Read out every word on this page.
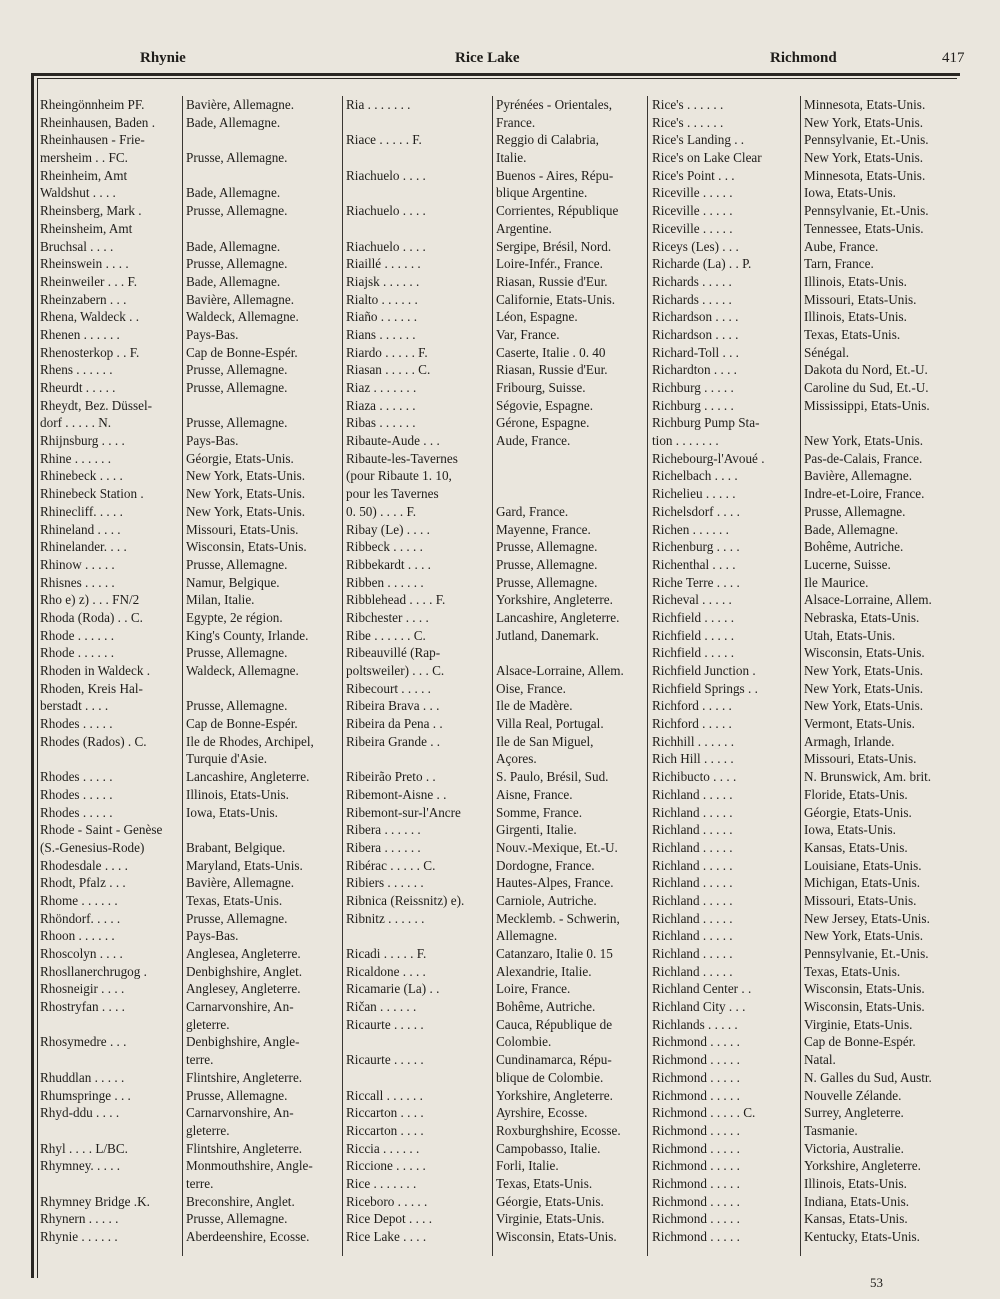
Rhynie	Rice Lake	Richmond	417
Rheingönnheim PF.	Bavière, Allemagne.
Rheinhausen, Baden .	Bade, Allemagne.
Rheinhausen - Frie-
mersheim . . FC.	Prusse, Allemagne.
Rheinheim, Amt
Waldshut . . . .	Bade, Allemagne.
Rheinsberg, Mark .	Prusse, Allemagne.
Rheinsheim, Amt
Bruchsal . . . .	Bade, Allemagne.
Rheinswein . . . .	Prusse, Allemagne.
Rheinweiler . . . F.	Bade, Allemagne.
Rheinzabern . . .	Bavière, Allemagne.
Rhena, Waldeck . .	Waldeck, Allemagne.
Rhenen . . . . . .	Pays-Bas.
Rhenosterkop . . F.	Cap de Bonne-Espér.
Rhens . . . . . .	Prusse, Allemagne.
Rheurdt . . . . .	Prusse, Allemagne.
Rheydt, Bez. Düssel-
dorf . . . . . N.	Prusse, Allemagne.
Rhijnsburg . . . .	Pays-Bas.
Rhine . . . . . .	Géorgie, Etats-Unis.
Rhinebeck . . . .	New York, Etats-Unis.
Rhinebeck Station .	New York, Etats-Unis.
Rhinecliff. . . . .	New York, Etats-Unis.
Rhineland . . . .	Missouri, Etats-Unis.
Rhinelander. . . .	Wisconsin, Etats-Unis.
Rhinow . . . . .	Prusse, Allemagne.
Rhisnes . . . . .	Namur, Belgique.
Rho e) z) . . . FN/2	Milan, Italie.
Rhoda (Roda) . . C.	Egypte, 2e région.
Rhode . . . . . .	King's County, Irlande.
Rhode . . . . . .	Prusse, Allemagne.
Rhoden in Waldeck .	Waldeck, Allemagne.
Rhoden, Kreis Hal-
berstadt . . . .	Prusse, Allemagne.
Rhodes . . . . .	Cap de Bonne-Espér.
Rhodes (Rados) . C.	Ile de Rhodes, Archipel,
Turquie d'Asie.
Rhodes . . . . .	Lancashire, Angleterre.
Rhodes . . . . .	Illinois, Etats-Unis.
Rhodes . . . . .	Iowa, Etats-Unis.
Rhode - Saint - Genèse
(S.-Genesius-Rode)	Brabant, Belgique.
Rhodesdale . . . .	Maryland, Etats-Unis.
Rhodt, Pfalz . . .	Bavière, Allemagne.
Rhome . . . . . .	Texas, Etats-Unis.
Rhöndorf. . . . .	Prusse, Allemagne.
Rhoon . . . . . .	Pays-Bas.
Rhoscolyn . . . .	Anglesea, Angleterre.
Rhosllanerchrugog .	Denbighshire, Anglet.
Rhosneigir . . . .	Anglesey, Angleterre.
Rhostryfan . . . .	Carnarvonshire, An-
gleterre.
Rhosymedre . . .	Denbighshire, Angle-
terre.
Rhuddlan . . . . .	Flintshire, Angleterre.
Rhumspringe . . .	Prusse, Allemagne.
Rhyd-ddu . . . .	Carnarvonshire, An-
gleterre.
Rhyl . . . . L/BC.	Flintshire, Angleterre.
Rhymney. . . . .	Monmouthshire, Angle-
terre.
Rhymney Bridge .K.	Breconshire, Anglet.
Rhynern . . . . .	Prusse, Allemagne.
Rhynie . . . . . .	Aberdeenshire, Ecosse.
Ria . . . . . . .	Pyrénées - Orientales,
France.
Riace . . . . . F.	Reggio di Calabria,
Italie.
Riachuelo . . . .	Buenos - Aires, Répu-
blique Argentine.
Riachuelo . . . .	Corrientes, République
Argentine.
Riachuelo . . . .	Sergipe, Brésil, Nord.
Riaillé . . . . . .	Loire-Infér., France.
Riajsk . . . . . .	Riasan, Russie d'Eur.
Rialto . . . . . .	Californie, Etats-Unis.
Riaño . . . . . .	Léon, Espagne.
Rians . . . . . .	Var, France.
Riardo . . . . . F.	Caserte, Italie . 0. 40
Riasan . . . . . C.	Riasan, Russie d'Eur.
Riaz . . . . . . .	Fribourg, Suisse.
Riaza . . . . . .	Ségovie, Espagne.
Ribas . . . . . .	Gérone, Espagne.
Ribaute-Aude . . .	Aude, France.
Ribaute-les-Tavernes
(pour Ribaute 1. 10,
pour les Tavernes
0. 50) . . . . F.	Gard, France.
Ribay (Le) . . . .	Mayenne, France.
Ribbeck . . . . .	Prusse, Allemagne.
Ribbekardt . . . .	Prusse, Allemagne.
Ribben . . . . . .	Prusse, Allemagne.
Ribblehead . . . . F.	Yorkshire, Angleterre.
Ribchester . . . .	Lancashire, Angleterre.
Ribe . . . . . . C.	Jutland, Danemark.
Ribeauvillé (Rap-
poltsweiler) . . . C.	Alsace-Lorraine, Allem.
Ribecourt . . . . .	Oise, France.
Ribeira Brava . . .	Ile de Madère.
Ribeira da Pena . .	Villa Real, Portugal.
Ribeira Grande . .	Ile de San Miguel,
Açores.
Ribeirão Preto . .	S. Paulo, Brésil, Sud.
Ribemont-Aisne . .	Aisne, France.
Ribemont-sur-l'Ancre	Somme, France.
Ribera . . . . . .	Girgenti, Italie.
Ribera . . . . . .	Nouv.-Mexique, Et.-U.
Ribérac . . . . . C.	Dordogne, France.
Ribiers . . . . . .	Hautes-Alpes, France.
Ribnica (Reissnitz) e).	Carniole, Autriche.
Ribnitz . . . . . .	Mecklemb. - Schwerin,
Allemagne.
Ricadi . . . . . F.	Catanzaro, Italie 0. 15
Ricaldone . . . .	Alexandrie, Italie.
Ricamarie (La) . .	Loire, France.
Ričan . . . . . .	Bohême, Autriche.
Ricaurte . . . . .	Cauca, République de
Colombie.
Ricaurte . . . . .	Cundinamarca, Répu-
blique de Colombie.
Riccall . . . . . .	Yorkshire, Angleterre.
Riccarton . . . .	Ayrshire, Ecosse.
Riccarton . . . .	Roxburghshire, Ecosse.
Riccia . . . . . .	Campobasso, Italie.
Riccione . . . . .	Forli, Italie.
Rice . . . . . . .	Texas, Etats-Unis.
Riceboro . . . . .	Géorgie, Etats-Unis.
Rice Depot . . . .	Virginie, Etats-Unis.
Rice Lake . . . .	Wisconsin, Etats-Unis.
Rice's . . . . . .	Minnesota, Etats-Unis.
Rice's . . . . . .	New York, Etats-Unis.
Rice's Landing . .	Pennsylvanie, Et.-Unis.
Rice's on Lake Clear	New York, Etats-Unis.
Rice's Point . . .	Minnesota, Etats-Unis.
Riceville . . . . .	Iowa, Etats-Unis.
Riceville . . . . .	Pennsylvanie, Et.-Unis.
Riceville . . . . .	Tennessee, Etats-Unis.
Riceys (Les) . . .	Aube, France.
Richarde (La) . . P.	Tarn, France.
Richards . . . . .	Illinois, Etats-Unis.
Richards . . . . .	Missouri, Etats-Unis.
Richardson . . . .	Illinois, Etats-Unis.
Richardson . . . .	Texas, Etats-Unis.
Richard-Toll . . .	Sénégal.
Richardton . . . .	Dakota du Nord, Et.-U.
Richburg . . . . .	Caroline du Sud, Et.-U.
Richburg . . . . .	Mississippi, Etats-Unis.
Richburg Pump Sta-
tion . . . . . . .	New York, Etats-Unis.
Richebourg-l'Avoué .	Pas-de-Calais, France.
Richelbach . . . .	Bavière, Allemagne.
Richelieu . . . . .	Indre-et-Loire, France.
Richelsdorf . . . .	Prusse, Allemagne.
Richen . . . . . .	Bade, Allemagne.
Richenburg . . . .	Bohême, Autriche.
Richenthal . . . .	Lucerne, Suisse.
Riche Terre . . . .	Ile Maurice.
Richeval . . . . .	Alsace-Lorraine, Allem.
Richfield . . . . .	Nebraska, Etats-Unis.
Richfield . . . . .	Utah, Etats-Unis.
Richfield . . . . .	Wisconsin, Etats-Unis.
Richfield Junction .	New York, Etats-Unis.
Richfield Springs . .	New York, Etats-Unis.
Richford . . . . .	New York, Etats-Unis.
Richford . . . . .	Vermont, Etats-Unis.
Richhill . . . . . .	Armagh, Irlande.
Rich Hill . . . . .	Missouri, Etats-Unis.
Richibucto . . . .	N. Brunswick, Am. brit.
Richland . . . . .	Floride, Etats-Unis.
Richland . . . . .	Géorgie, Etats-Unis.
Richland . . . . .	Iowa, Etats-Unis.
Richland . . . . .	Kansas, Etats-Unis.
Richland . . . . .	Louisiane, Etats-Unis.
Richland . . . . .	Michigan, Etats-Unis.
Richland . . . . .	Missouri, Etats-Unis.
Richland . . . . .	New Jersey, Etats-Unis.
Richland . . . . .	New York, Etats-Unis.
Richland . . . . .	Pennsylvanie, Et.-Unis.
Richland . . . . .	Texas, Etats-Unis.
Richland Center . .	Wisconsin, Etats-Unis.
Richland City . . .	Wisconsin, Etats-Unis.
Richlands . . . . .	Virginie, Etats-Unis.
Richmond . . . . .	Cap de Bonne-Espér.
Richmond . . . . .	Natal.
Richmond . . . . .	N. Galles du Sud, Austr.
Richmond . . . . .	Nouvelle Zélande.
Richmond . . . . . C.	Surrey, Angleterre.
Richmond . . . . .	Tasmanie.
Richmond . . . . .	Victoria, Australie.
Richmond . . . . .	Yorkshire, Angleterre.
Richmond . . . . .	Illinois, Etats-Unis.
Richmond . . . . .	Indiana, Etats-Unis.
Richmond . . . . .	Kansas, Etats-Unis.
Richmond . . . . .	Kentucky, Etats-Unis.
53
